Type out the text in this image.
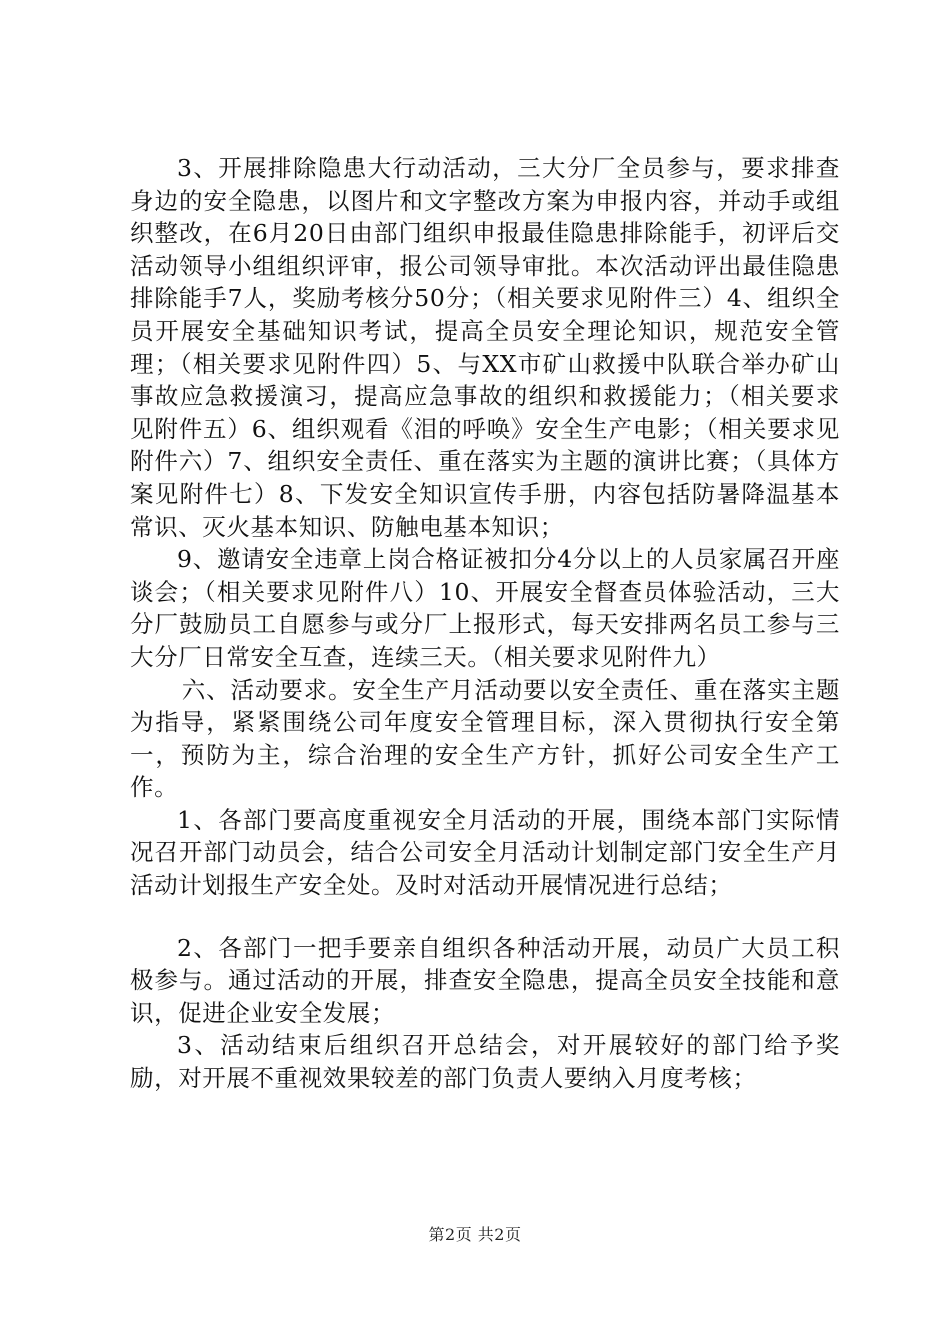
3、开展排除隐患大行动活动，三大分厂全员参与，要求排查身边的安全隐患，以图片和文字整改方案为申报内容，并动手或组织整改，在6月20日由部门组织申报最佳隐患排除能手，初评后交活动领导小组组织评审，报公司领导审批。本次活动评出最佳隐患排除能手7人，奖励考核分50分；（相关要求见附件三）4、组织全员开展安全基础知识考试，提高全员安全理论知识，规范安全管理；（相关要求见附件四）5、与XX市矿山救援中队联合举办矿山事故应急救援演习，提高应急事故的组织和救援能力；（相关要求见附件五）6、组织观看《泪的呼唤》安全生产电影；（相关要求见附件六）7、组织安全责任、重在落实为主题的演讲比赛；（具体方案见附件七）8、下发安全知识宣传手册，内容包括防暑降温基本常识、灭火基本知识、防触电基本知识；

9、邀请安全违章上岗合格证被扣分4分以上的人员家属召开座谈会；（相关要求见附件八）10、开展安全督查员体验活动，三大分厂鼓励员工自愿参与或分厂上报形式，每天安排两名员工参与三大分厂日常安全互查，连续三天。（相关要求见附件九）

六、活动要求。安全生产月活动要以安全责任、重在落实主题为指导，紧紧围绕公司年度安全管理目标，深入贯彻执行安全第一，预防为主，综合治理的安全生产方针，抓好公司安全生产工作。

1、各部门要高度重视安全月活动的开展，围绕本部门实际情况召开部门动员会，结合公司安全月活动计划制定部门安全生产月活动计划报生产安全处。及时对活动开展情况进行总结；

2、各部门一把手要亲自组织各种活动开展，动员广大员工积极参与。通过活动的开展，排查安全隐患，提高全员安全技能和意识，促进企业安全发展；

3、活动结束后组织召开总结会，对开展较好的部门给予奖励，对开展不重视效果较差的部门负责人要纳入月度考核；

第2页 共2页
